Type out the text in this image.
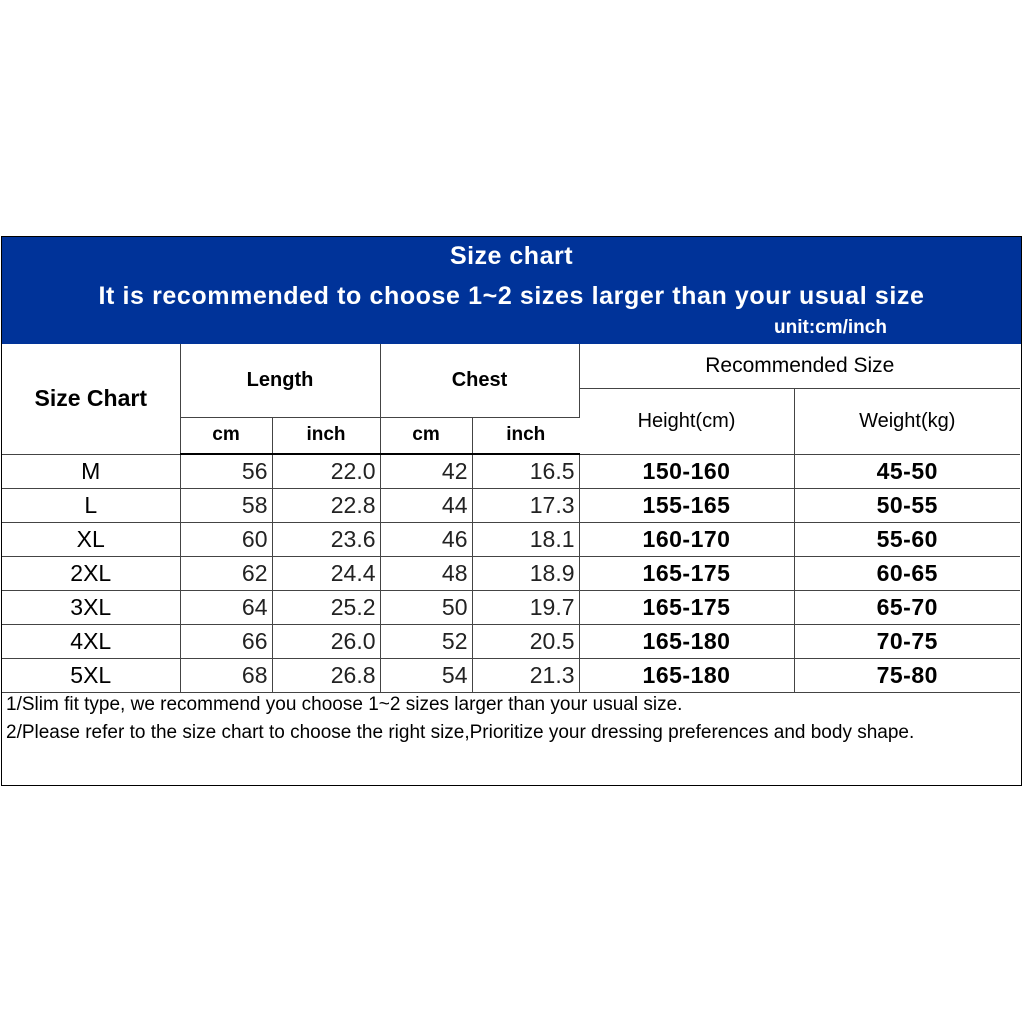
Size chart
It is recommended to choose 1~2 sizes larger than your usual size
unit:cm/inch
Size Chart	Length		Chest		Recommended Size	
					Height(cm)	Weight(kg)
	cm	inch	cm	inch		
M	56	22.0	42	16.5	150-160	45-50
L	58	22.8	44	17.3	155-165	50-55
XL	60	23.6	46	18.1	160-170	55-60
2XL	62	24.4	48	18.9	165-175	60-65
3XL	64	25.2	50	19.7	165-175	65-70
4XL	66	26.0	52	20.5	165-180	70-75
5XL	68	26.8	54	21.3	165-180	75-80
1/Slim fit type, we recommend you choose 1~2 sizes larger than your usual size.
2/Please refer to the size chart to choose the right size,Prioritize your dressing preferences and body shape.
